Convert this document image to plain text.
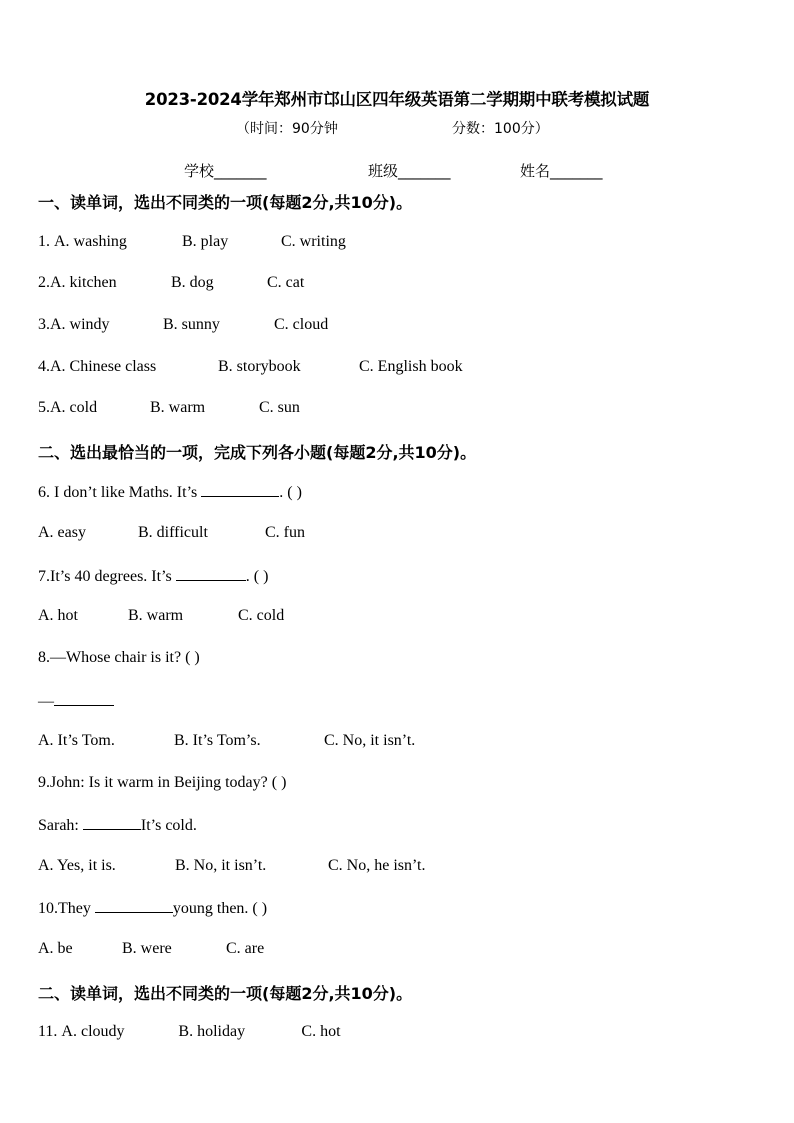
2023-2024学年郑州市邙山区四年级英语第二学期期中联考模拟试题
（时间：90分钟	分数：100分）
学校_______	班级_______	姓名_______
一、读单词，选出不同类的一项(每题2分,共10分)。
1. A. washing	B. play	C. writing
2.A. kitchen	B. dog	C. cat
3.A. windy	B. sunny	C. cloud
4.A. Chinese class	B. storybook	C. English book
5.A. cold	B. warm	C. sun
二、选出最恰当的一项，完成下列各小题(每题2分,共10分)。
6. I don’t like Maths. It’s	. ( )
A. easy	B. difficult	C. fun
7.It’s 40 degrees. It’s	. ( )
A. hot	B. warm	C. cold
8.—Whose chair is it? ( )
—
A. It’s Tom.	B. It’s Tom’s.	C. No, it isn’t.
9.John: Is it warm in Beijing today? ( )
Sarah:	It’s cold.
A. Yes, it is.	B. No, it isn’t.	C. No, he isn’t.
10.They	young then. ( )
A. be	B. were	C. are
二、读单词，选出不同类的一项(每题2分,共10分)。
11. A. cloudy	B. holiday	C. hot
